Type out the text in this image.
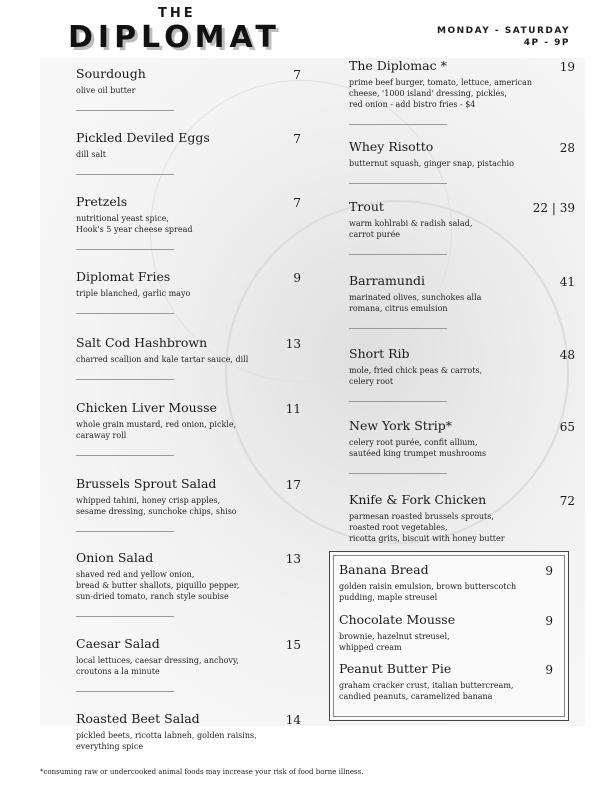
THE
DIPLOMAT	MONDAY - SATURDAY
4P - 9P
Sourdough	7
olive oil butter
Pickled Deviled Eggs	7
dill salt
Pretzels	7
nutritional yeast spice,
Hook's 5 year cheese spread
Diplomat Fries	9
triple blanched, garlic mayo
Salt Cod Hashbrown	13
charred scallion and kale tartar sauce, dill
Chicken Liver Mousse	11
whole grain mustard, red onion, pickle,
caraway roll
Brussels Sprout Salad	17
whipped tahini, honey crisp apples,
sesame dressing, sunchoke chips, shiso
Onion Salad	13
shaved red and yellow onion,
bread & butter shallots, piquillo pepper,
sun-dried tomato, ranch style soubise
Caesar Salad	15
local lettuces, caesar dressing, anchovy,
croutons a la minute
Roasted Beet Salad	14
pickled beets, ricotta labneh, golden raisins,
everything spice
The Diplomac *	19
prime beef burger, tomato, lettuce, american
cheese, '1000 island' dressing, pickles,
red onion - add bistro fries - $4
Whey Risotto	28
butternut squash, ginger snap, pistachio
Trout	22 | 39
warm kohlrabi & radish salad,
carrot purée
Barramundi	41
marinated olives, sunchokes alla
romana, citrus emulsion
Short Rib	48
mole, fried chick peas & carrots,
celery root
New York Strip*	65
celery root purée, confit allium,
sautéed king trumpet mushrooms
Knife & Fork Chicken	72
parmesan roasted brussels sprouts,
roasted root vegetables,
ricotta grits, biscuit with honey butter
Banana Bread	9
golden raisin emulsion, brown butterscotch
pudding, maple streusel
Chocolate Mousse	9
brownie, hazelnut streusel,
whipped cream
Peanut Butter Pie	9
graham cracker crust, italian buttercream,
candied peanuts, caramelized banana
*consuming raw or undercooked animal foods may increase your risk of food borne illness.
